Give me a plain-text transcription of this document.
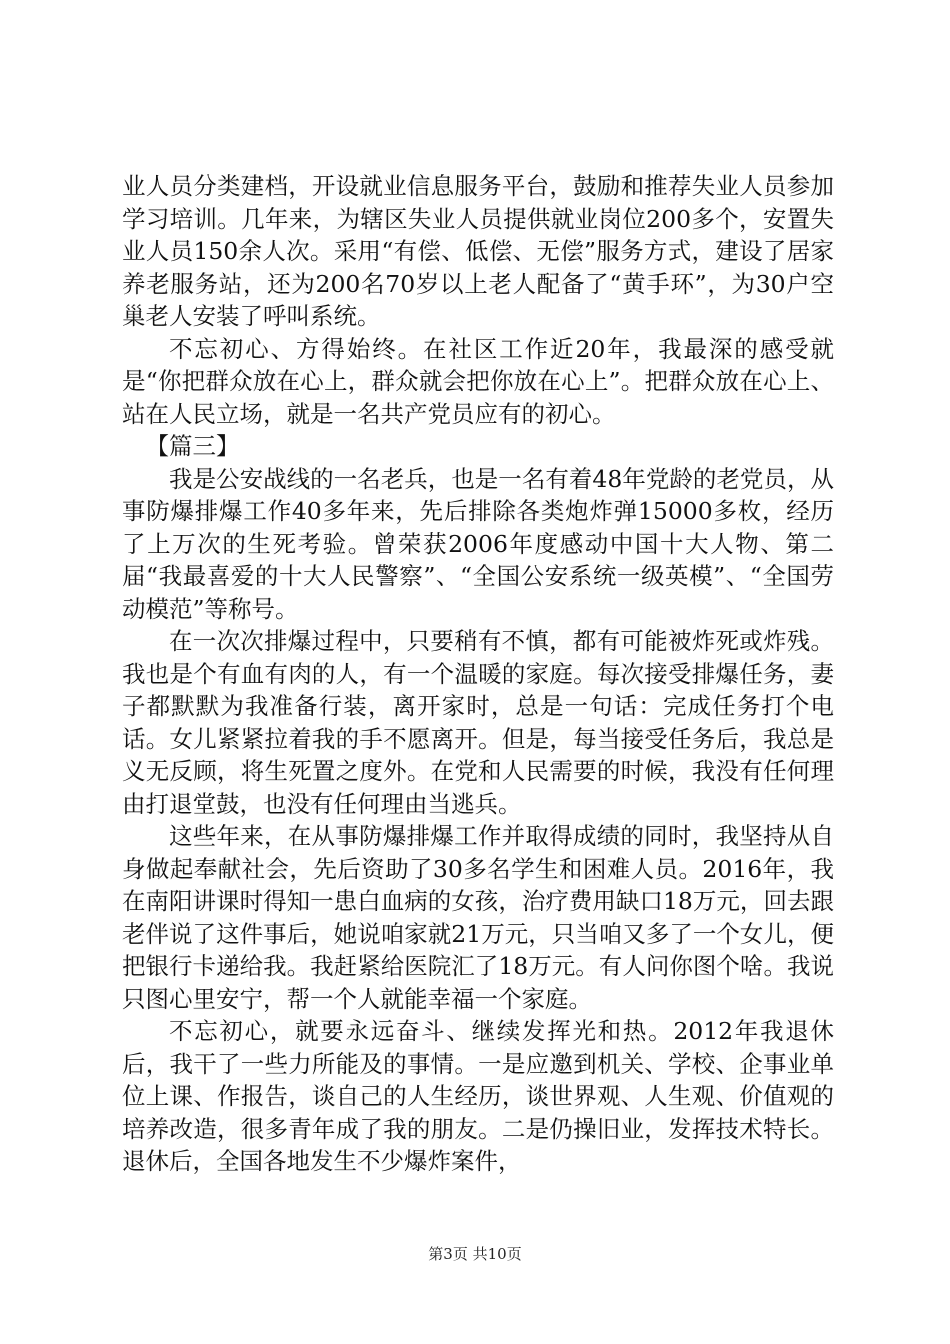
业人员分类建档，开设就业信息服务平台，鼓励和推荐失业人员参加学习培训。几年来，为辖区失业人员提供就业岗位200多个，安置失业人员150余人次。采用“有偿、低偿、无偿”服务方式，建设了居家养老服务站，还为200名70岁以上老人配备了“黄手环”，为30户空巢老人安装了呼叫系统。

不忘初心、方得始终。在社区工作近20年，我最深的感受就是“你把群众放在心上，群众就会把你放在心上”。把群众放在心上、站在人民立场，就是一名共产党员应有的初心。

【篇三】

我是公安战线的一名老兵，也是一名有着48年党龄的老党员，从事防爆排爆工作40多年来，先后排除各类炮炸弹15000多枚，经历了上万次的生死考验。曾荣获2006年度感动中国十大人物、第二届“我最喜爱的十大人民警察”、“全国公安系统一级英模”、“全国劳动模范”等称号。

在一次次排爆过程中，只要稍有不慎，都有可能被炸死或炸残。我也是个有血有肉的人，有一个温暖的家庭。每次接受排爆任务，妻子都默默为我准备行装，离开家时，总是一句话：完成任务打个电话。女儿紧紧拉着我的手不愿离开。但是，每当接受任务后，我总是义无反顾，将生死置之度外。在党和人民需要的时候，我没有任何理由打退堂鼓，也没有任何理由当逃兵。

这些年来，在从事防爆排爆工作并取得成绩的同时，我坚持从自身做起奉献社会，先后资助了30多名学生和困难人员。2016年，我在南阳讲课时得知一患白血病的女孩，治疗费用缺口18万元，回去跟老伴说了这件事后，她说咱家就21万元，只当咱又多了一个女儿，便把银行卡递给我。我赶紧给医院汇了18万元。有人问你图个啥。我说只图心里安宁，帮一个人就能幸福一个家庭。

不忘初心，就要永远奋斗、继续发挥光和热。2012年我退休后，我干了一些力所能及的事情。一是应邀到机关、学校、企事业单位上课、作报告，谈自己的人生经历，谈世界观、人生观、价值观的培养改造，很多青年成了我的朋友。二是仍操旧业，发挥技术特长。退休后，全国各地发生不少爆炸案件，

第3页 共10页
